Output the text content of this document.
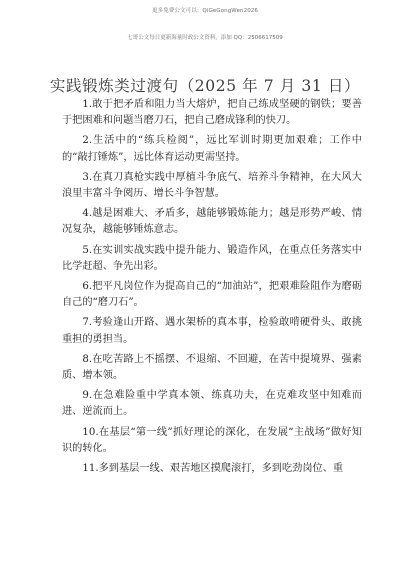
更多免费公文可以：QiGeGongWen2026
七哥公文每日更新海量时政公文资料，添加 QQ：2506617509
实践锻炼类过渡句（2025 年 7 月 31 日）

1.敢于把矛盾和阻力当大熔炉，把自己练成坚硬的钢铁；要善于把困难和问题当磨刀石，把自己磨成锋利的快刀。

2.生活中的“练兵检阅”，远比军训时期更加艰难；工作中的“敲打锤炼”，远比体育运动更需坚持。

3.在真刀真枪实践中厚植斗争底气、培养斗争精神，在大风大浪里丰富斗争阅历、增长斗争智慧。

4.越是困难大、矛盾多，越能够锻炼能力；越是形势严峻、情况复杂，越能够锤炼意志。

5.在实训实战实践中提升能力、锻造作风，在重点任务落实中比学赶超、争先出彩。

6.把平凡岗位作为提高自己的“加油站”，把艰难险阻作为磨砺自己的“磨刀石”。

7.考验逢山开路、遇水架桥的真本事，检验敢啃硬骨头、敢挑重担的勇担当。

8.在吃苦路上不摇摆、不退缩、不回避，在苦中提境界、强素质、增本领。

9.在急难险重中学真本领、练真功夫，在克难攻坚中知难而进、逆流而上。

10.在基层“第一线”抓好理论的深化，在发展“主战场”做好知识的转化。

11.多到基层一线、艰苦地区摸爬滚打，多到吃劲岗位、重
